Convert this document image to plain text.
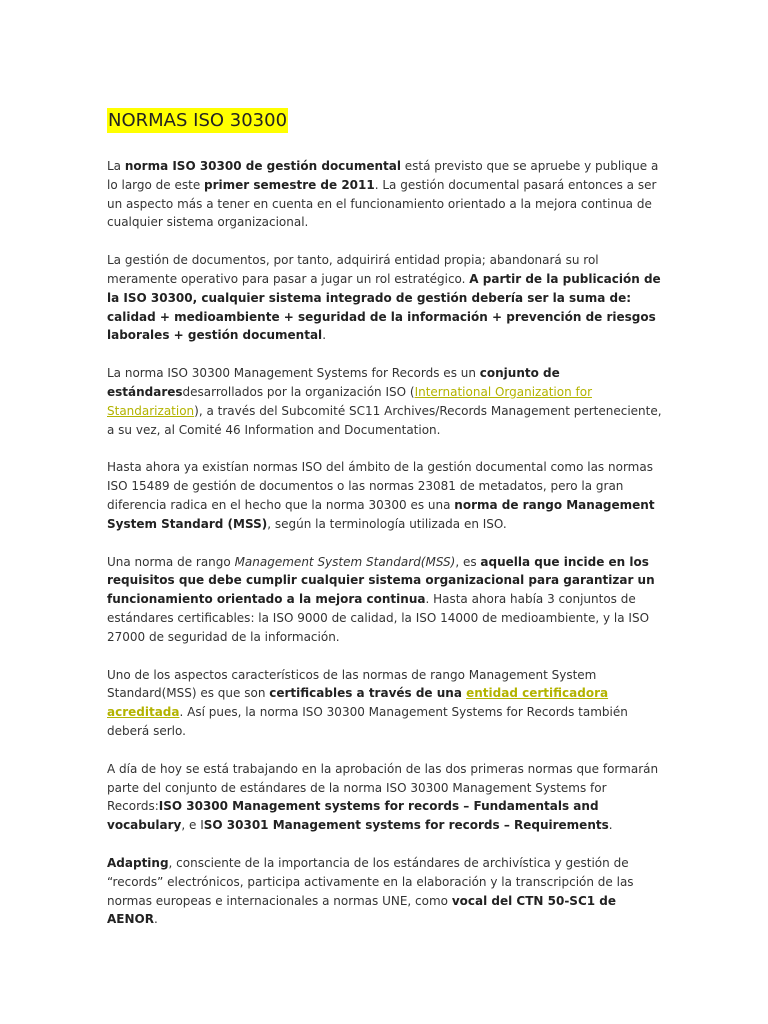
NORMAS ISO 30300

La norma ISO 30300 de gestión documental está previsto que se apruebe y publique a lo largo de este primer semestre de 2011. La gestión documental pasará entonces a ser un aspecto más a tener en cuenta en el funcionamiento orientado a la mejora continua de cualquier sistema organizacional.

La gestión de documentos, por tanto, adquirirá entidad propia; abandonará su rol meramente operativo para pasar a jugar un rol estratégico. A partir de la publicación de la ISO 30300, cualquier sistema integrado de gestión debería ser la suma de: calidad + medioambiente + seguridad de la información + prevención de riesgos laborales + gestión documental.

La norma ISO 30300 Management Systems for Records es un conjunto de estándaresdesarrollados por la organización ISO (International Organization for Standarization), a través del Subcomité SC11 Archives/Records Management perteneciente, a su vez, al Comité 46 Information and Documentation.

Hasta ahora ya existían normas ISO del ámbito de la gestión documental como las normas ISO 15489 de gestión de documentos o las normas 23081 de metadatos, pero la gran diferencia radica en el hecho que la norma 30300 es una norma de rango Management System Standard (MSS), según la terminología utilizada en ISO.

Una norma de rango Management System Standard(MSS), es aquella que incide en los requisitos que debe cumplir cualquier sistema organizacional para garantizar un funcionamiento orientado a la mejora continua. Hasta ahora había 3 conjuntos de estándares certificables: la ISO 9000 de calidad, la ISO 14000 de medioambiente, y la ISO 27000 de seguridad de la información.

Uno de los aspectos característicos de las normas de rango Management System Standard(MSS) es que son certificables a través de una entidad certificadora acreditada. Así pues, la norma ISO 30300 Management Systems for Records también deberá serlo.

A día de hoy se está trabajando en la aprobación de las dos primeras normas que formarán parte del conjunto de estándares de la norma ISO 30300 Management Systems for Records:ISO 30300 Management systems for records – Fundamentals and vocabulary, e ISO 30301 Management systems for records – Requirements.

Adapting, consciente de la importancia de los estándares de archivística y gestión de “records” electrónicos, participa activamente en la elaboración y la transcripción de las normas europeas e internacionales a normas UNE, como vocal del CTN 50-SC1 de AENOR.
